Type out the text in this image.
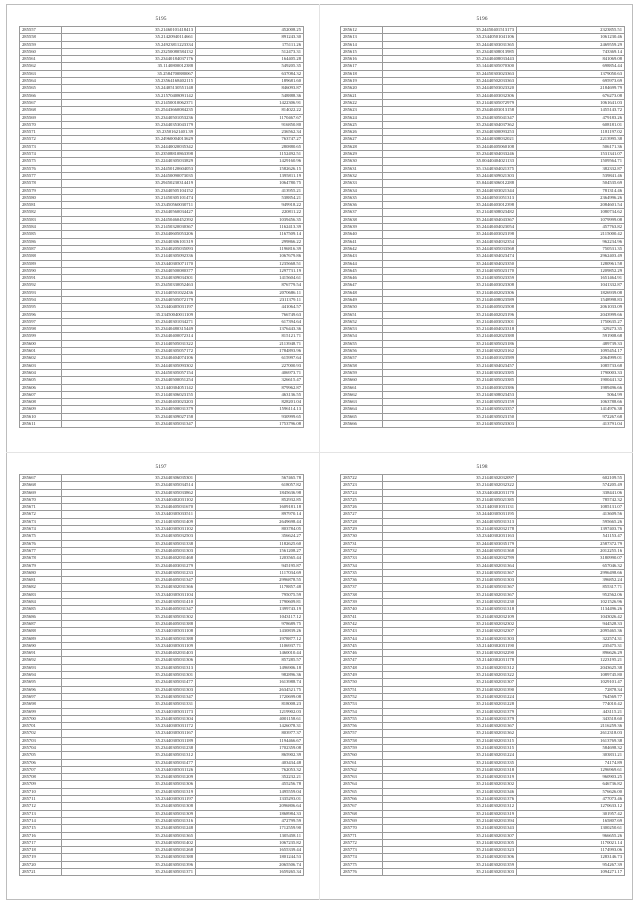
5195
285557	35.21460101418413	452008.25
285558	35.21420940114661	891243.30
285559	35.24923811223334	175111.26
285560	35.23250080584132	512473.31
285561	35.23440184037176	164405.28
285562	35.1140800012388	549205.35
285563	35.2584700880067	637084.32
285564	35.23564168402115	189681.60
285565	35.24405130551148	846093.87
285566	35.21570408091142	548888.36
285567	35.21450010062371	1422306.91
285568	35.25443660084235	814022.22
285569	35.23440501053236	1170467.67
285570	35.23440353043179	916850.80
285571	35.23501621401.39	236562.34
285572	35.24960004013629	763747.27
285573	35.24440020035342	280880.65
285574	35.23508810863398	1152492.51
285575	35.22440305033829	1429160.96
285576	35.24450120604053	1582626.15
285577	35.24450090073035	1395811.19
285578	35.29450230314419	1064780.75
285579	35.23440505104152	413955.21
285580	35.21450305101474	538854.21
285581	35.23450560030711	949918.22
285582	35.23440560034427	220811.22
285583	35.24450460452392	1039456.35
285584	35.21450320030367	1162413.39
285585	35.23440605053206	1167509.14
285586	35.23440306101319	299866.22
285587	35.23440205035093	1196816.39
285588	35.21440305092336	1067679.86
285589	35.23440305071170	1235668.51
285590	35.23440500080377	1297731.19
285591	35.23440309034301	1415604.61
285592	35.23450330052463	876779.54
285593	35.21440501022436	2070686.11
285594	35.23440505072179	2311379.11
285595	35.23440405031197	441064.57
285596	35.23450040011109	766749.63
285597	35.23440301034271	617394.64
285598	35.23440480315449	1376443.36
285599	35.23440400072314	815121.71
285600	35.21440505031322	2113948.71
285601	35.23440305057172	1784893.96
285602	35.23440404074106	615997.64
285603	35.24440305093302	227000.93
285604	35.24450305057154	406973.71
285605	35.23440500051254	326615.47
285606	35.21440304051142	879962.87
285607	35.21440306023155	463136.55
285608	35.23440403023203	828201.04
285609	35.23440500031379	1596114.13
285610	35.23440309027158	930999.65
285611	35.23440305031347	1753796.08
5196
285612	35.24450401513173	2323855.51
285613	35.23440501041106	1061230.46
285614	35.24440303031365	2469559.29
285615	35.23440308013985	743369.14
285616	35.23440408033443	841069.08
285617	35.14440305070300	698854.44
285618	35.24450303023363	1379050.63
285619	35.24440502033363	695973.69
285620	35.24440503023320	2184699.79
285621	35.24440403032306	676273.08
285622	35.21440305072979	1061641.03
285623	35.23440403013158	1455143.72
285624	35.23440305041347	479183.26
285625	35.23440304037362	608181.01
285626	35.23440300093253	1181197.02
285627	35.24440308032021	2213995.38
285628	35.24440405060108	506171.36
285629	35.23440304033246	1531341.07
285630	35.00440404021133	1509564.71
285631	35.13440304021375	382332.87
285632	35.24440309021303	539841.46
285633	35.04440306012288	504535.69
285634	35.24440303021344	781314.46
285635	35.24440501051313	2364996.26
285636	35.24440403012398	2084601.54
285637	35.21440308023482	1080734.62
285638	35.24440304043367	1079999.08
285639	35.24440404023054	457763.82
285640	35.24440403023198	2115000.42
285641	35.24440304032354	962234.96
285642	35.24440305033568	750531.35
285643	35.24440304023474	2962403.49
285644	35.24440304023350	1280961.58
285645	35.21440305023170	1209852.29
285646	35.21440305023359	1651464.91
285647	35.21440403023308	1041332.87
285648	35.21440402023306	1826939.08
285649	35.21440408023589	1548998.83
285650	35.21440405023508	2061033.09
285651	35.21440402023196	2043999.66
285652	35.21440403023301	1750635.27
285653	35.21440404023318	329273.35
285654	35.21440402023388	591908.68
285655	35.21440305023186	489739.33
285656	35.21440302023162	1095454.17
285657	35.21440401023589	2064999.01
285658	35.21440304023457	1085733.68
285659	35.21440303023385	1790003.33
285660	35.21440305023385	1900441.32
285661	35.21440403023386	1989496.66
285662	35.21440308023453	5064.99
285663	35.21440305023159	1063788.66
285664	35.21440305023357	1414976.38
285665	35.21440305023150	972267.68
285666	35.21440305023303	413791.04
5197
285667	35.23440306035301	567465.78
285668	35.23440305034514	618057.82
285669	35.23440305033862	1845636.98
285670	35.23440402031102	852932.85
285671	35.23440405031670	1609181.18
285672	35.23440305033511	897970.14
285673	35.21440305031409	2649698.44
285674	35.23440305031102	803784.05
285675	35.23440305032503	356624.27
285676	35.23440305031338	1182625.60
285677	35.23440405031303	1561208.27
285678	35.23440402031468	1203565.44
285679	35.23440403031279	945195.87
285680	35.23440305031233	1117034.69
285681	35.23440405031347	2996878.55
285682	35.23440302031366	1178857.48
285683	35.23440305031104	795075.59
285684	35.23440305031410	1790609.81
285685	35.23440405031347	1399743.19
285686	35.23440305031302	1043117.12
285687	35.23440405031388	978689.75
285688	35.23440305031108	1430839.26
285689	35.23440305031388	1978877.12
285690	35.23440305031109	1106937.71
285691	35.23440402031403	1460010.44
285692	35.23440305031306	857285.57
285693	35.23440305031313	1496906.18
285694	35.23440305031301	982896.36
285695	35.23440305031477	1613988.74
285696	35.23440305031303	2634521.75
285697	35.23440305031347	1720699.08
285698	35.23440305031331	818008.23
285699	35.23440305031173	1219902.03
285700	35.23440305031304	4001158.61
285701	35.23440305031172	1426078.31
285702	35.23440305031167	803977.37
285703	35.23440305031189	1194466.67
285704	35.23440305031238	1702359.08
285705	35.23440305031312	865902.39
285706	35.23440305031477	403434.48
285707	35.23440305031126	762053.32
285708	35.23440305031209	352232.21
285709	35.23440305031306	455256.78
285710	35.23440305031319	1495559.04
285711	35.23440305031197	1335293.01
285712	35.23440305031308	2096806.64
285713	35.23440305031309	1868984.33
285714	35.23440305031316	472799.59
285715	35.23440305031248	1712559.90
285716	35.23440305031365	1305458.11
285717	35.23440305031402	1067235.82
285718	35.23440305031268	1655339.44
285719	35.23440305031388	1801244.53
285720	35.23440305031396	2065506.74
285721	35.23440305031371	1659265.34
5198
285722	35.21440302032097	602109.55
285723	35.21440302032322	574205.49
285724	35.23440402031170	338441.06
285725	35.21440305021385	785742.32
285726	35.21440301031131	1085131.07
285727	35.24440305031195	413609.56
285728	35.24440305031313	595665.26
285729	35.21440302032178	1397403.76
285730	35.23440302031163	541153.47
285731	35.24440303035179	2587372.79
285732	35.24440305031368	2012255.16
285733	35.24440302032789	3180990.07
285734	35.24440302031364	657046.32
285735	35.21440305031367	2996498.66
285736	35.21440305031303	396852.24
285737	35.21440305031367	855317.71
285738	35.21440302031367	952562.06
285739	35.21440302031230	1021526.96
285740	35.21440305031318	1134496.26
285741	35.21440302032109	1043026.42
285742	35.21440302032302	944528.33
285743	35.21440302032307	2095465.36
285744	35.21440302031303	322574.31
285745	35.21440302031190	235475.31
285746	35.21440302032290	896626.29
285747	35.21440302031178	1223195.21
285748	35.21440302031312	2043625.38
285749	35.21440302031322	1089745.80
285750	35.21440302031307	1029101.47
285751	35.21440302031390	72878.34
285752	35.21440302031224	764569.77
285753	35.21440302031228	774010.42
285754	35.21440302031379	443115.21
285755	35.21440302031379	343518.60
285756	35.21440302031367	2116259.36
285757	35.21440302031362	2612318.03
285758	35.21440302031315	1613769.38
285759	35.21440302031315	584698.32
285760	35.21440302031224	303831.21
285761	35.21440302031335	74174.89
285762	35.21440302031318	1296969.61
285763	35.21440302031319	960903.25
285764	35.21440302031302	646736.82
285765	35.21440302031346	576626.00
285766	35.21440302031376	477073.46
285767	35.21440302031312	1270633.12
285768	35.21440302031319	301957.42
285769	35.21440302031394	165807.69
285770	35.21440302031343	1300250.61
285771	35.21440302031307	966655.26
285772	35.21440302031305	1170021.14
285773	35.21440302031323	1174993.06
285774	35.21440302031306	1283146.73
285775	35.21440302031359	954267.39
285776	35.21440302031303	1094271.17
